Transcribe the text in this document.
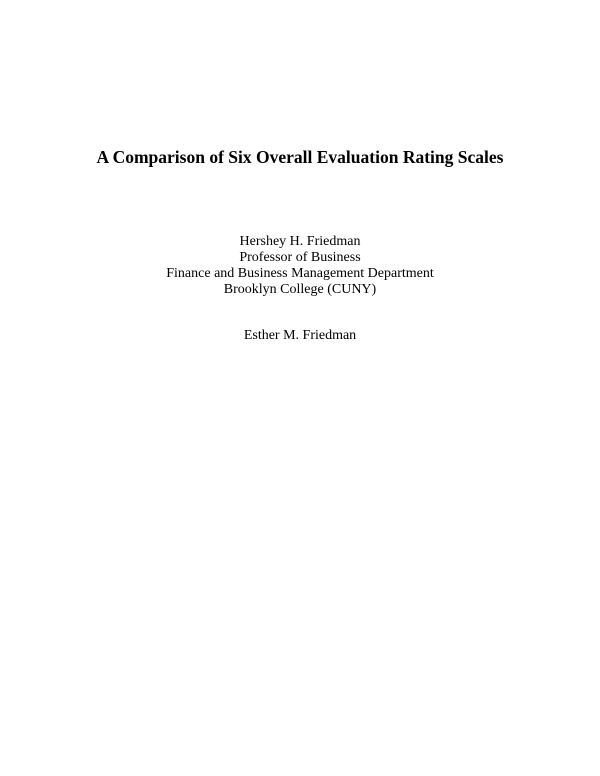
A Comparison of Six Overall Evaluation Rating Scales

Hershey H. Friedman

Professor of Business

Finance and Business Management Department

Brooklyn College (CUNY)

Esther M. Friedman
